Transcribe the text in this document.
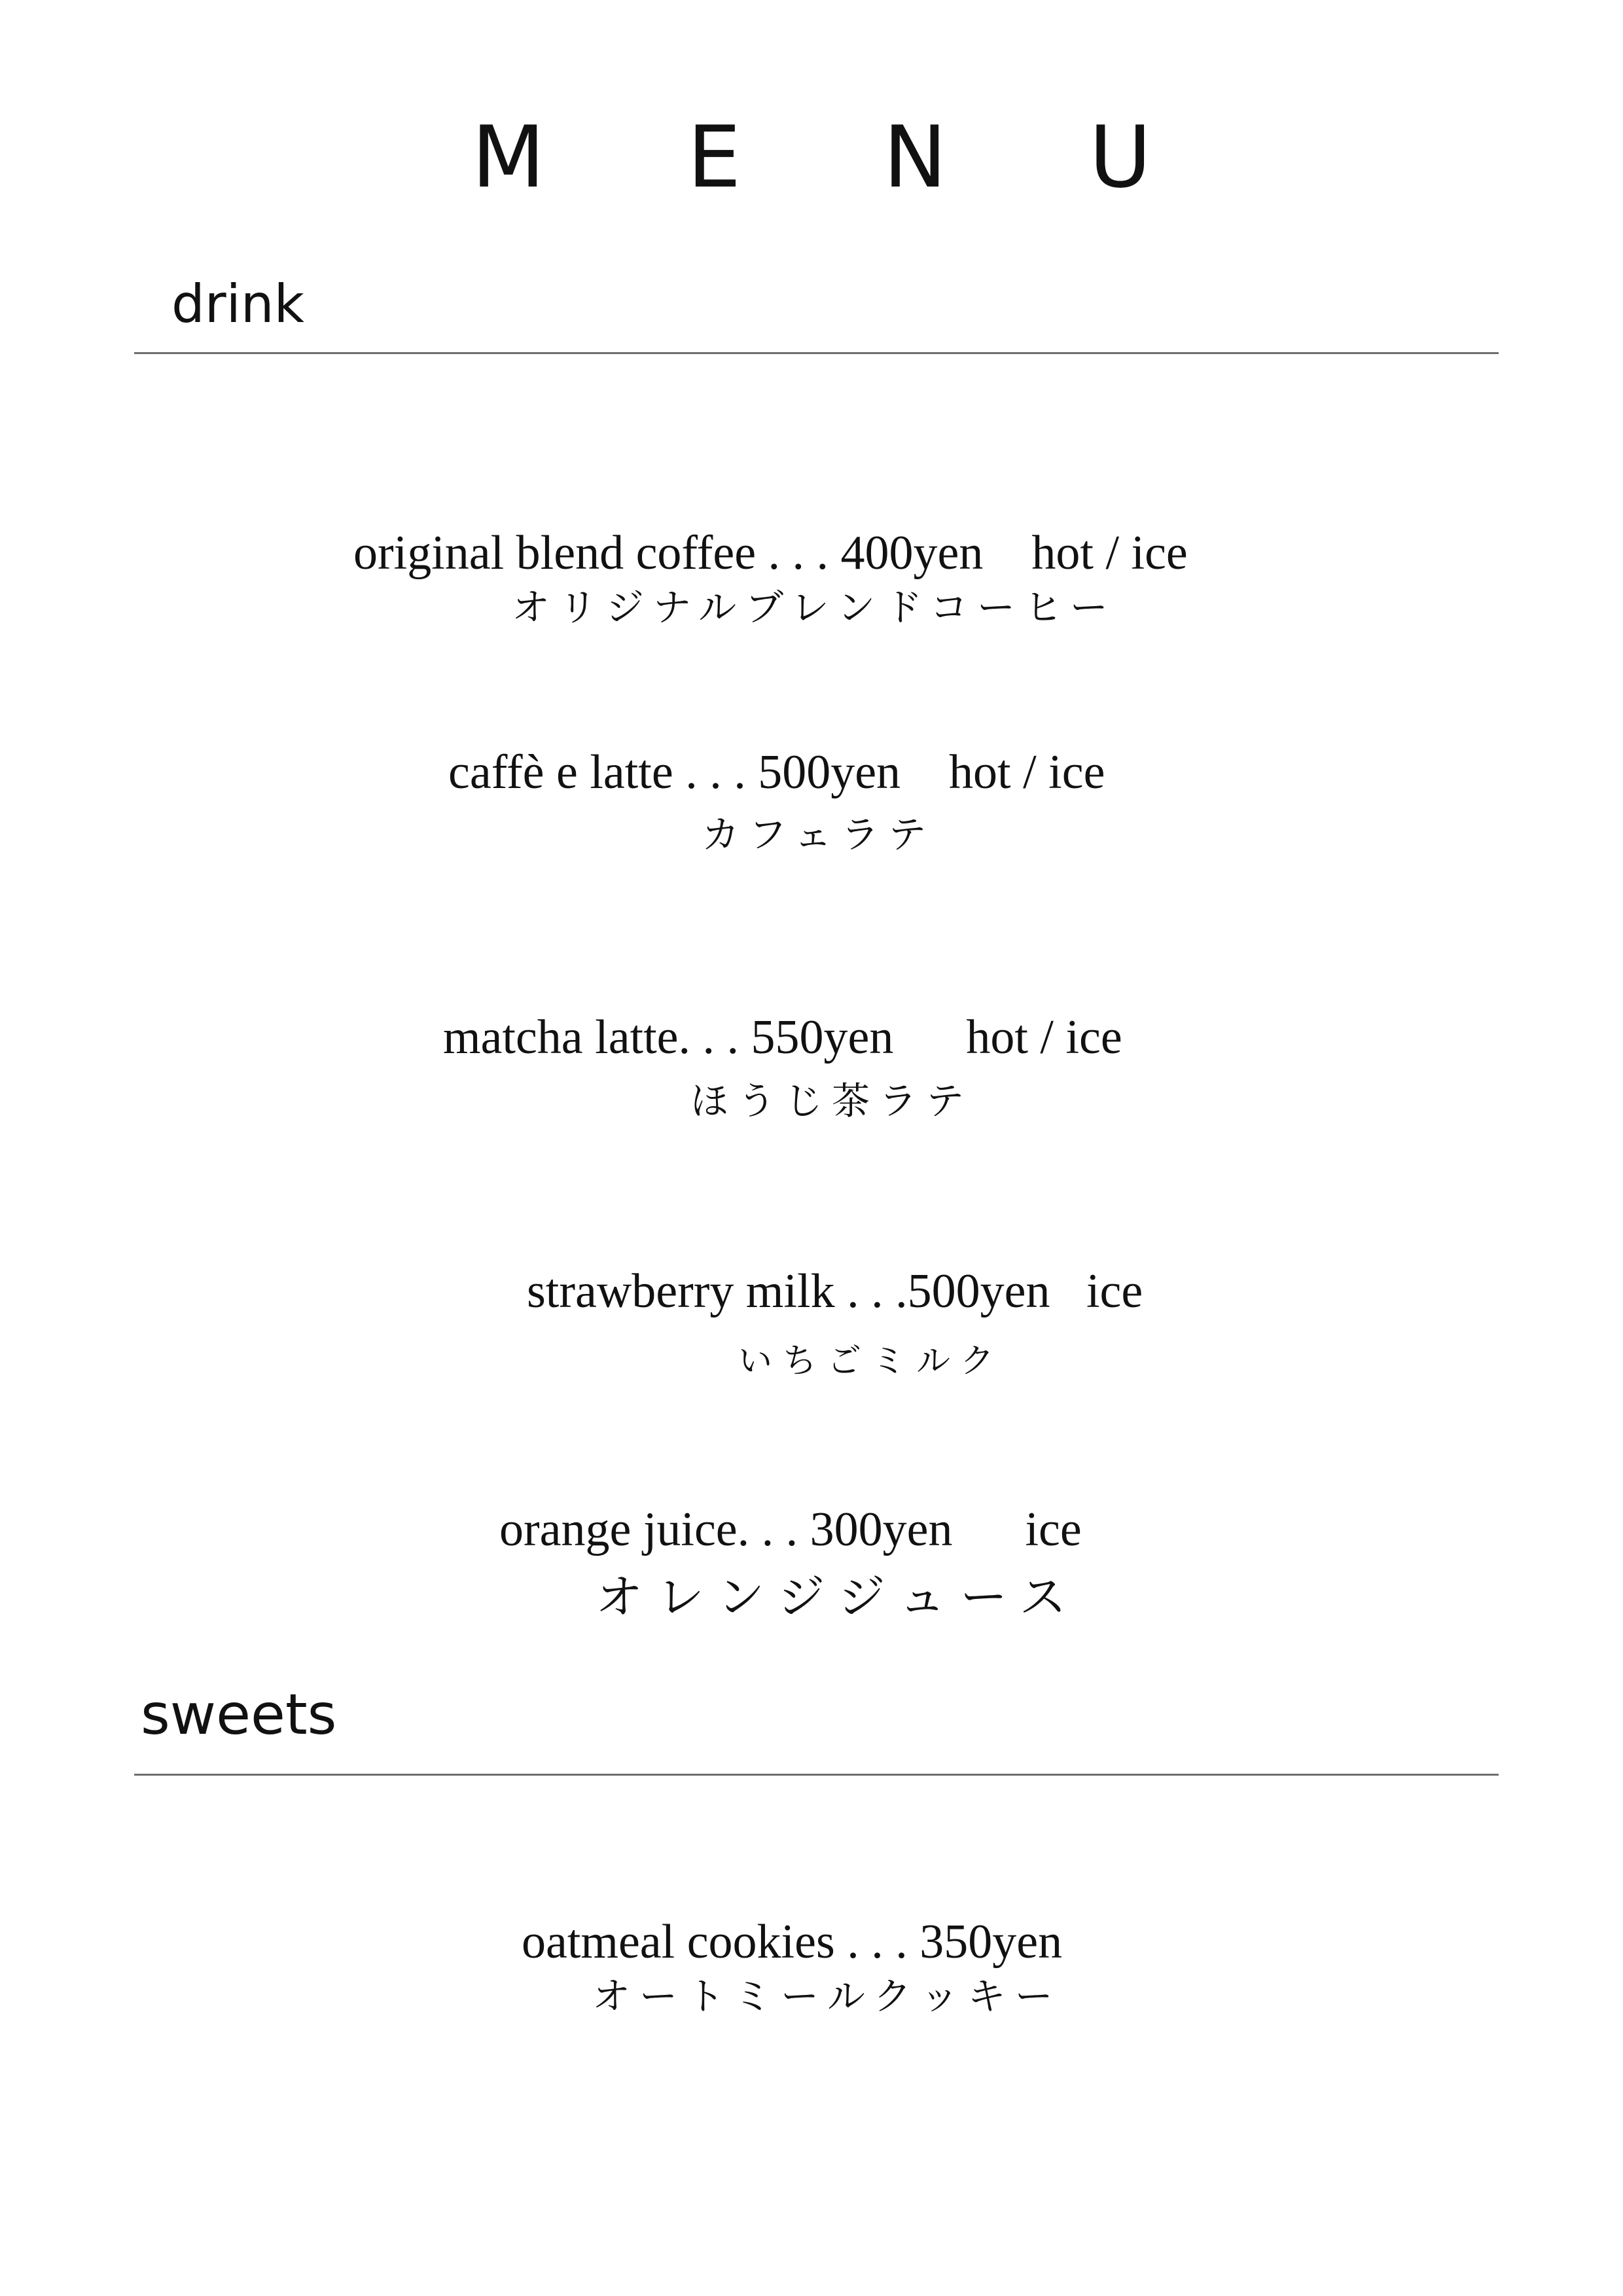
M E N U
drink
original blend coffee . . . 400yen    hot / ice
オリジナルブレンドコーヒー
caffè e latte . . . 500yen    hot / ice
カフェラテ
matcha latte. . . 550yen      hot / ice
ほうじ茶ラテ
strawberry milk . . .500yen   ice
いちごミルク
orange juice. . . 300yen      ice
オレンジジュース
sweets
oatmeal cookies . . . 350yen
オートミールクッキー
